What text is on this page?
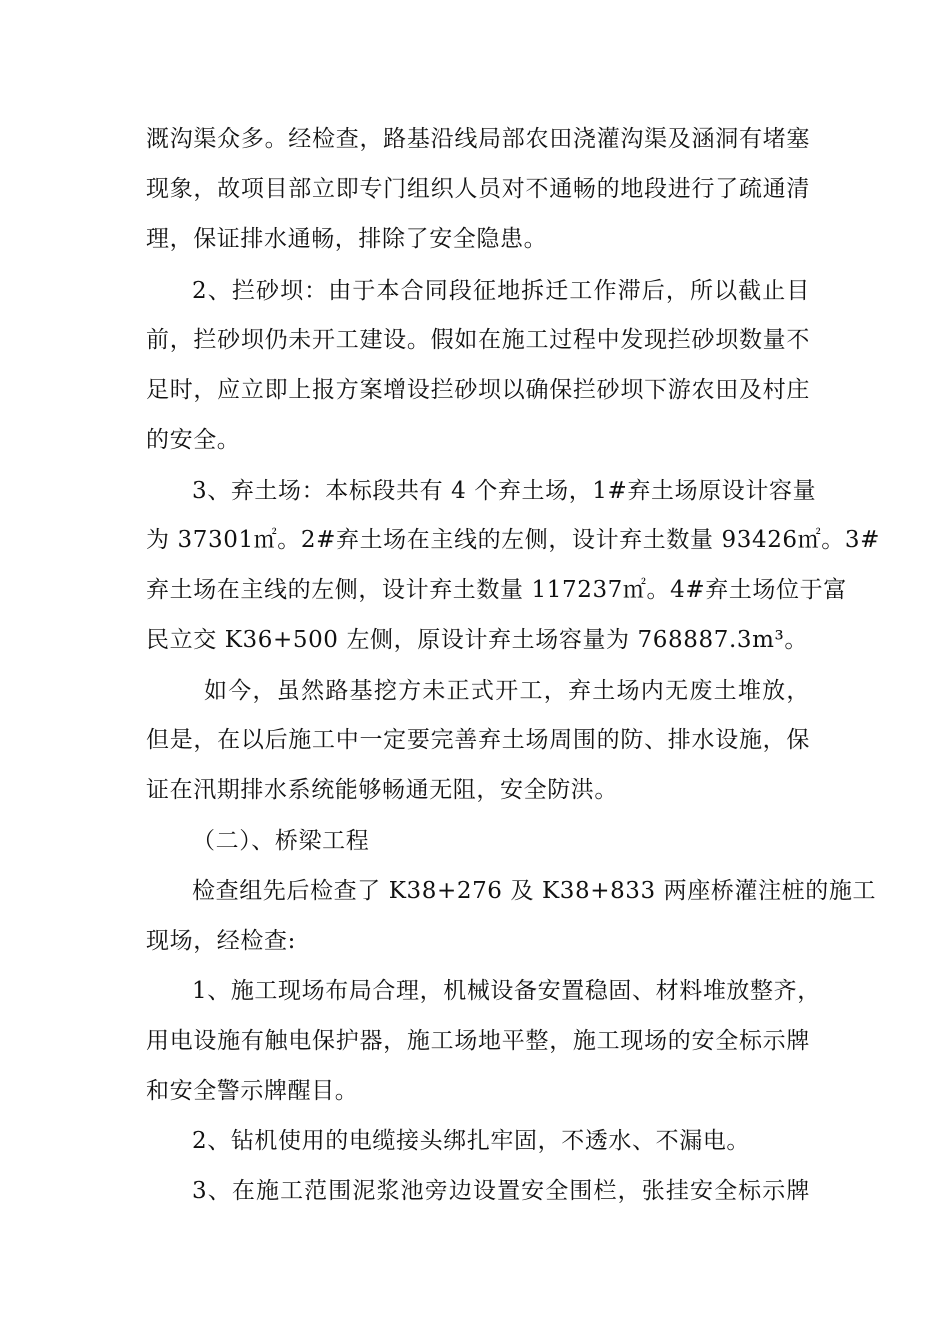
溉沟渠众多。经检查，路基沿线局部农田浇灌沟渠及涵洞有堵塞
现象，故项目部立即专门组织人员对不通畅的地段进行了疏通清
理，保证排水通畅，排除了安全隐患。
2、拦砂坝：由于本合同段征地拆迁工作滞后，所以截止目
前，拦砂坝仍未开工建设。假如在施工过程中发现拦砂坝数量不
足时，应立即上报方案增设拦砂坝以确保拦砂坝下游农田及村庄
的安全。
3、弃土场：本标段共有 4 个弃土场，1#弃土场原设计容量
为 37301㎡。2#弃土场在主线的左侧，设计弃土数量 93426㎡。3#
弃土场在主线的左侧，设计弃土数量 117237㎡。4#弃土场位于富
民立交 K36+500 左侧，原设计弃土场容量为 768887.3m³。
如今，虽然路基挖方未正式开工，弃土场内无废土堆放，
但是，在以后施工中一定要完善弃土场周围的防、排水设施，保
证在汛期排水系统能够畅通无阻，安全防洪。
（二）、桥梁工程
检查组先后检查了 K38+276 及 K38+833 两座桥灌注桩的施工
现场，经检查:
1、施工现场布局合理，机械设备安置稳固、材料堆放整齐，
用电设施有触电保护器，施工场地平整，施工现场的安全标示牌
和安全警示牌醒目。
2、钻机使用的电缆接头绑扎牢固，不透水、不漏电。
3、在施工范围泥浆池旁边设置安全围栏，张挂安全标示牌
